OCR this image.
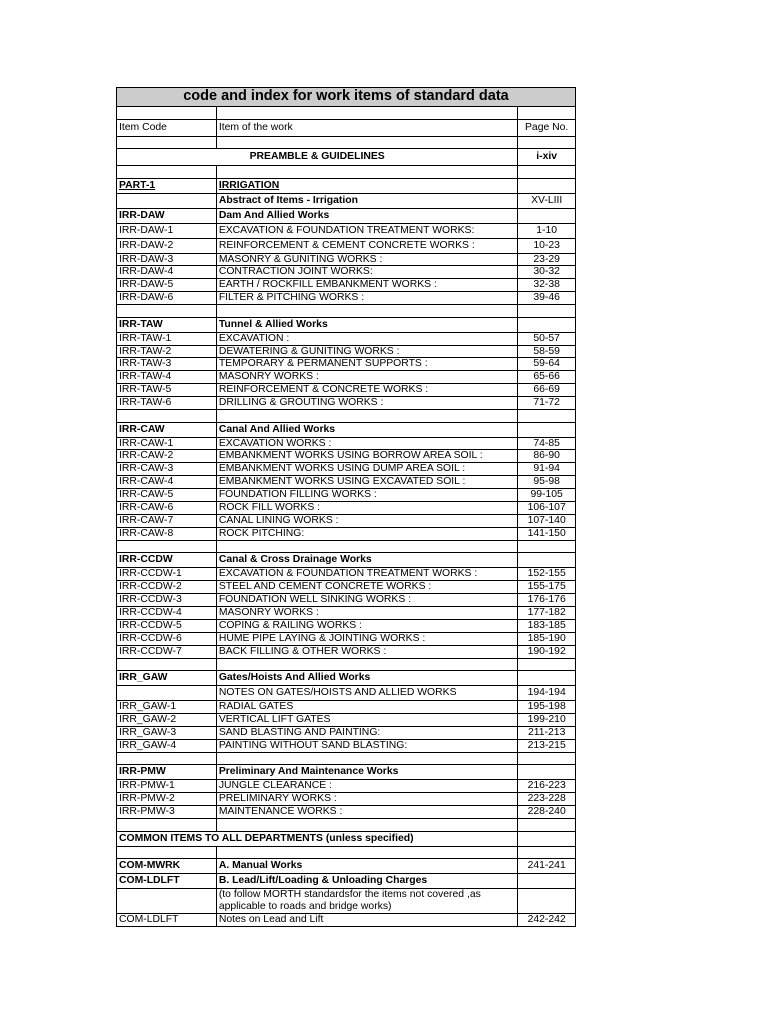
code and index for work items of standard data		

Item Code	Item of the work	Page No.

PREAMBLE & GUIDELINES		i-xiv

PART-1	IRRIGATION	
	Abstract of Items - Irrigation	XV-LIII
IRR-DAW	Dam And Allied Works	
IRR-DAW-1	EXCAVATION & FOUNDATION TREATMENT WORKS:	1-10
IRR-DAW-2	REINFORCEMENT & CEMENT CONCRETE WORKS :	10-23
IRR-DAW-3	MASONRY & GUNITING WORKS :	23-29
IRR-DAW-4	CONTRACTION JOINT WORKS:	30-32
IRR-DAW-5	EARTH / ROCKFILL EMBANKMENT WORKS :	32-38
IRR-DAW-6	FILTER & PITCHING WORKS :	39-46

IRR-TAW	Tunnel & Allied Works	
IRR-TAW-1	EXCAVATION :	50-57
IRR-TAW-2	DEWATERING & GUNITING WORKS :	58-59
IRR-TAW-3	TEMPORARY & PERMANENT SUPPORTS :	59-64
IRR-TAW-4	MASONRY WORKS :	65-66
IRR-TAW-5	REINFORCEMENT & CONCRETE WORKS :	66-69
IRR-TAW-6	DRILLING & GROUTING WORKS :	71-72

IRR-CAW	Canal And Allied Works	
IRR-CAW-1	EXCAVATION WORKS :	74-85
IRR-CAW-2	EMBANKMENT WORKS USING BORROW AREA SOIL :	86-90
IRR-CAW-3	EMBANKMENT WORKS USING DUMP AREA SOIL :	91-94
IRR-CAW-4	EMBANKMENT WORKS USING EXCAVATED SOIL :	95-98
IRR-CAW-5	FOUNDATION FILLING WORKS :	99-105
IRR-CAW-6	ROCK FILL WORKS :	106-107
IRR-CAW-7	CANAL LINING WORKS :	107-140
IRR-CAW-8	ROCK PITCHING:	141-150

IRR-CCDW	Canal & Cross Drainage Works	
IRR-CCDW-1	EXCAVATION & FOUNDATION TREATMENT WORKS :	152-155
IRR-CCDW-2	STEEL AND CEMENT CONCRETE WORKS :	155-175
IRR-CCDW-3	FOUNDATION WELL SINKING WORKS :	176-176
IRR-CCDW-4	MASONRY WORKS :	177-182
IRR-CCDW-5	COPING & RAILING WORKS :	183-185
IRR-CCDW-6	HUME PIPE LAYING & JOINTING WORKS :	185-190
IRR-CCDW-7	BACK FILLING & OTHER WORKS :	190-192

IRR_GAW	Gates/Hoists And Allied Works	
	NOTES ON GATES/HOISTS AND ALLIED WORKS	194-194
IRR_GAW-1	RADIAL GATES	195-198
IRR_GAW-2	VERTICAL LIFT GATES	199-210
IRR_GAW-3	SAND BLASTING AND PAINTING:	211-213
IRR_GAW-4	PAINTING WITHOUT SAND BLASTING:	213-215

IRR-PMW	Preliminary And Maintenance Works	
IRR-PMW-1	JUNGLE CLEARANCE :	216-223
IRR-PMW-2	PRELIMINARY WORKS :	223-228
IRR-PMW-3	MAINTENANCE WORKS :	228-240

COMMON ITEMS TO ALL DEPARTMENTS (unless specified)		

COM-MWRK	A. Manual Works	241-241
COM-LDLFT	B. Lead/Lift/Loading & Unloading Charges	
	(to follow MORTH standardsfor the items not covered ,as applicable to roads and bridge works)	
COM-LDLFT	Notes on Lead and Lift	242-242
